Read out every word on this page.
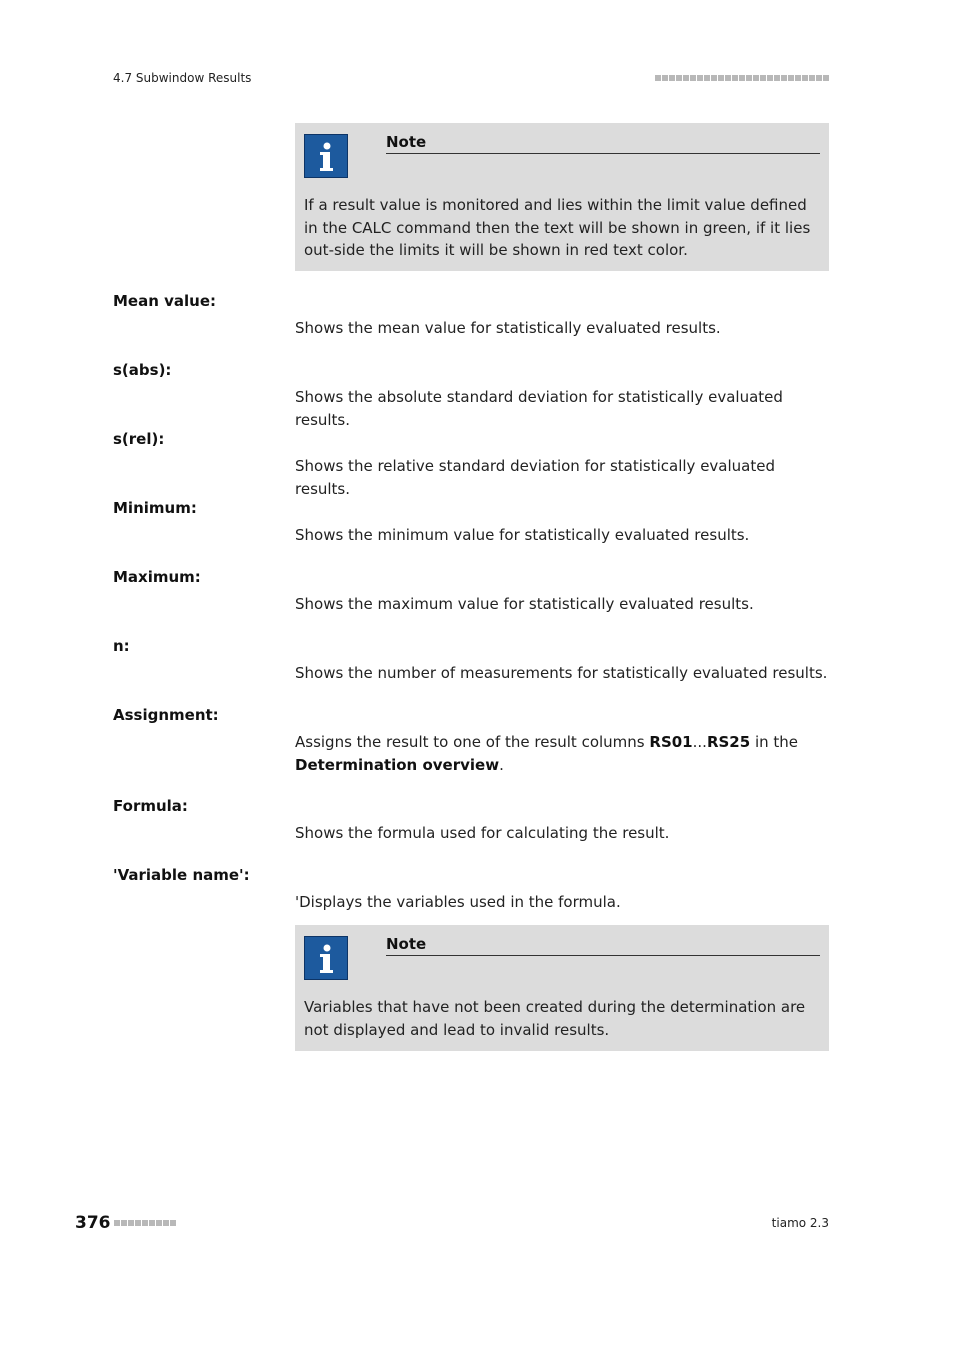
4.7 Subwindow Results
Note
If a result value is monitored and lies within the limit value defined in the CALC command then the text will be shown in green, if it lies out-side the limits it will be shown in red text color.
Mean value:
Shows the mean value for statistically evaluated results.
s(abs):
Shows the absolute standard deviation for statistically evaluated results.
s(rel):
Shows the relative standard deviation for statistically evaluated results.
Minimum:
Shows the minimum value for statistically evaluated results.
Maximum:
Shows the maximum value for statistically evaluated results.
n:
Shows the number of measurements for statistically evaluated results.
Assignment:
Assigns the result to one of the result columns RS01...RS25 in the Determination overview.
Formula:
Shows the formula used for calculating the result.
'Variable name':
'Displays the variables used in the formula.
Note
Variables that have not been created during the determination are not displayed and lead to invalid results.
376	tiamo 2.3
